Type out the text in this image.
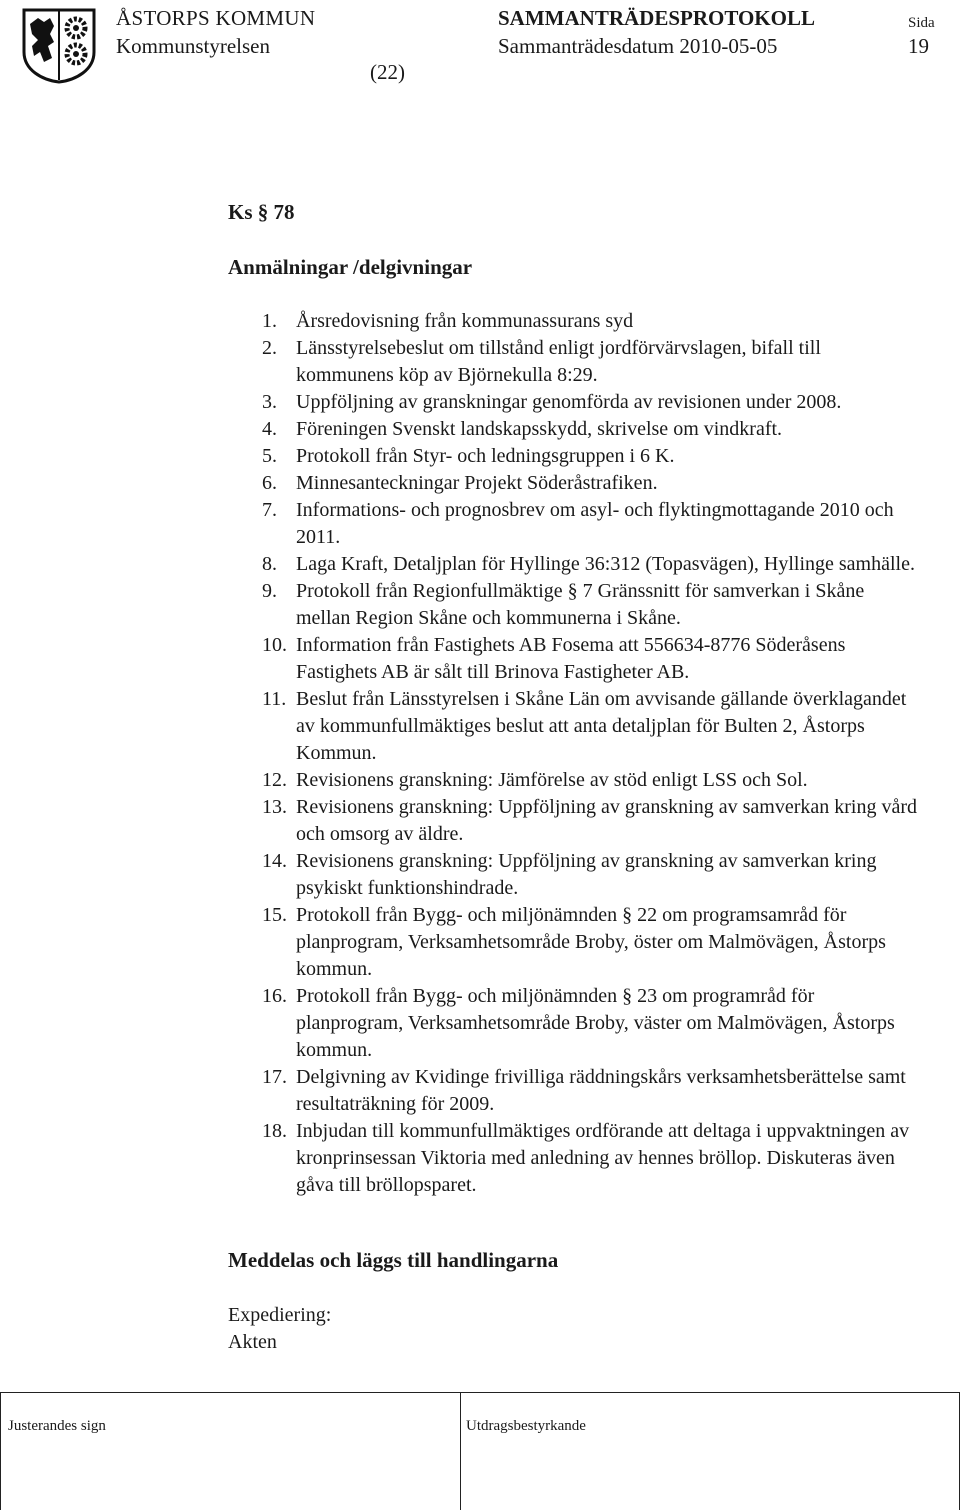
ÅSTORPS KOMMUN	SAMMANTRÄDESPROTOKOLL	Sida
Kommunstyrelsen	Sammanträdesdatum 2010-05-05	19
(22)
Ks § 78
Anmälningar /delgivningar
1. Årsredovisning från kommunassurans syd
2. Länsstyrelsebeslut om tillstånd enligt jordförvärvslagen, bifall till kommunens köp av Björnekulla 8:29.
3. Uppföljning av granskningar genomförda av revisionen under 2008.
4. Föreningen Svenskt landskapsskydd, skrivelse om vindkraft.
5. Protokoll från Styr- och ledningsgruppen i 6 K.
6. Minnesanteckningar Projekt Söderåstrafiken.
7. Informations- och prognosbrev om asyl- och flyktingmottagande 2010 och 2011.
8. Laga Kraft, Detaljplan för Hyllinge 36:312 (Topasvägen), Hyllinge samhälle.
9. Protokoll från Regionfullmäktige § 7 Gränssnitt för samverkan i Skåne mellan Region Skåne och kommunerna i Skåne.
10. Information från Fastighets AB Fosema att 556634-8776 Söderåsens Fastighets AB är sålt till Brinova Fastigheter AB.
11. Beslut från Länsstyrelsen i Skåne Län om avvisande gällande överklagandet av kommunfullmäktiges beslut att anta detaljplan för Bulten 2, Åstorps Kommun.
12. Revisionens granskning: Jämförelse av stöd enligt LSS och Sol.
13. Revisionens granskning: Uppföljning av granskning av samverkan kring vård och omsorg av äldre.
14. Revisionens granskning: Uppföljning av granskning av samverkan kring psykiskt funktionshindrade.
15. Protokoll från Bygg- och miljönämnden § 22 om programsamråd för planprogram, Verksamhetsområde Broby, öster om Malmövägen, Åstorps kommun.
16. Protokoll från Bygg- och miljönämnden § 23 om programråd för planprogram, Verksamhetsområde Broby, väster om Malmövägen, Åstorps kommun.
17. Delgivning av Kvidinge frivilliga räddningskårs verksamhetsberättelse samt resultaträkning för 2009.
18. Inbjudan till kommunfullmäktiges ordförande att deltaga i uppvaktningen av kronprinsessan Viktoria med anledning av hennes bröllop. Diskuteras även gåva till bröllopsparet.
Meddelas och läggs till handlingarna
Expediering:
Akten
Justerandes sign	Utdragsbestyrkande
